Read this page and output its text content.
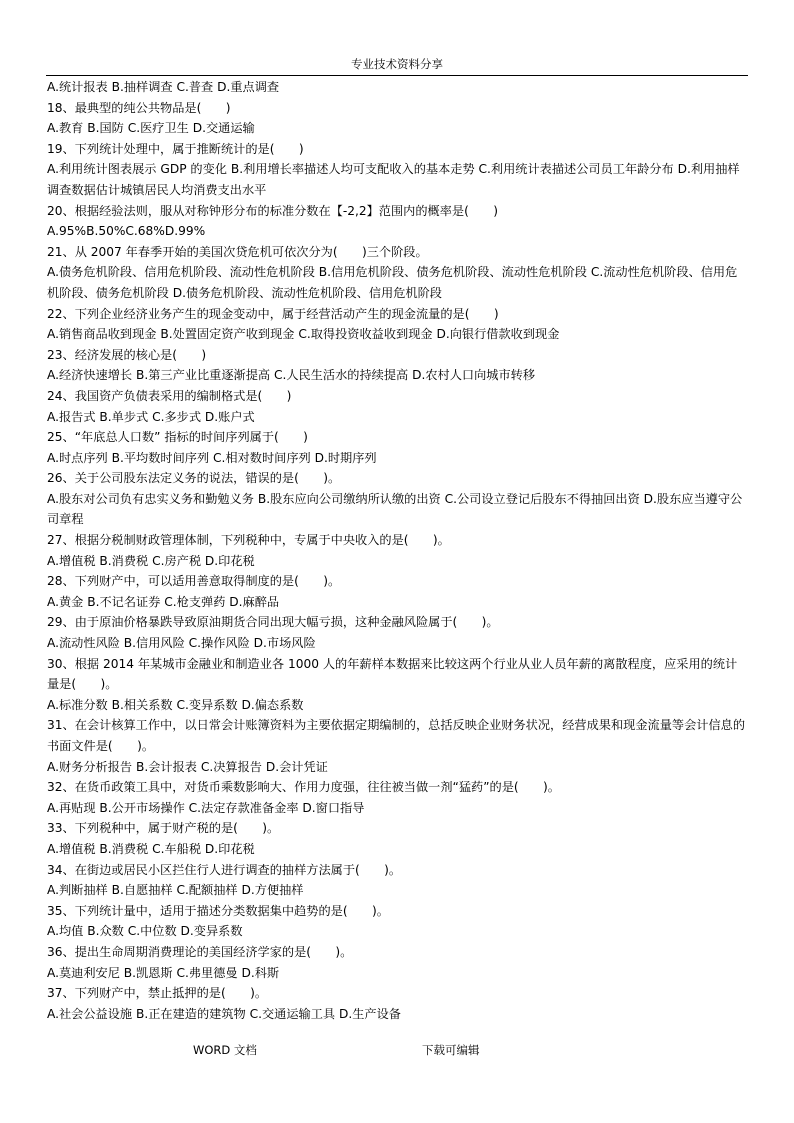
专业技术资料分享

A.统计报表 B.抽样调查 C.普查 D.重点调查

18、最典型的纯公共物品是(　　)

A.教育 B.国防 C.医疗卫生 D.交通运输

19、下列统计处理中，属于推断统计的是(　　)

A.利用统计图表展示 GDP 的变化 B.利用增长率描述人均可支配收入的基本走势 C.利用统计表描述公司员工年龄分布 D.利用抽样调查数据估计城镇居民人均消费支出水平

20、根据经验法则，服从对称钟形分布的标准分数在【-2,2】范围内的概率是(　　)

A.95%B.50%C.68%D.99%

21、从 2007 年春季开始的美国次贷危机可依次分为(　　)三个阶段。

A.债务危机阶段、信用危机阶段、流动性危机阶段 B.信用危机阶段、债务危机阶段、流动性危机阶段 C.流动性危机阶段、信用危机阶段、债务危机阶段 D.债务危机阶段、流动性危机阶段、信用危机阶段

22、下列企业经济业务产生的现金变动中，属于经营活动产生的现金流量的是(　　)

A.销售商品收到现金 B.处置固定资产收到现金 C.取得投资收益收到现金 D.向银行借款收到现金

23、经济发展的核心是(　　)

A.经济快速增长 B.第三产业比重逐渐提高 C.人民生活水的持续提高 D.农村人口向城市转移

24、我国资产负债表采用的编制格式是(　　)

A.报告式 B.单步式 C.多步式 D.账户式

25、“年底总人口数” 指标的时间序列属于(　　)

A.时点序列 B.平均数时间序列 C.相对数时间序列 D.时期序列

26、关于公司股东法定义务的说法，错误的是(　　)。

A.股东对公司负有忠实义务和勤勉义务 B.股东应向公司缴纳所认缴的出资 C.公司设立登记后股东不得抽回出资 D.股东应当遵守公司章程

27、根据分税制财政管理体制，下列税种中，专属于中央收入的是(　　)。

A.增值税 B.消费税 C.房产税 D.印花税

28、下列财产中，可以适用善意取得制度的是(　　)。

A.黄金 B.不记名证券 C.枪支弹药 D.麻醉品

29、由于原油价格暴跌导致原油期货合同出现大幅亏损，这种金融风险属于(　　)。

A.流动性风险 B.信用风险 C.操作风险 D.市场风险

30、根据 2014 年某城市金融业和制造业各 1000 人的年薪样本数据来比较这两个行业从业人员年薪的离散程度，应采用的统计量是(　　)。

A.标准分数 B.相关系数 C.变异系数 D.偏态系数

31、在会计核算工作中，以日常会计账簿资料为主要依据定期编制的，总括反映企业财务状况，经营成果和现金流量等会计信息的书面文件是(　　)。

A.财务分析报告 B.会计报表 C.决算报告 D.会计凭证

32、在货币政策工具中，对货币乘数影响大、作用力度强，往往被当做一剂“猛药”的是(　　)。

A.再贴现 B.公开市场操作 C.法定存款准备金率 D.窗口指导

33、下列税种中，属于财产税的是(　　)。

A.增值税 B.消费税 C.车船税 D.印花税

34、在街边或居民小区拦住行人进行调查的抽样方法属于(　　)。

A.判断抽样 B.自愿抽样 C.配额抽样 D.方便抽样

35、下列统计量中，适用于描述分类数据集中趋势的是(　　)。

A.均值 B.众数 C.中位数 D.变异系数

36、提出生命周期消费理论的美国经济学家的是(　　)。

A.莫迪利安尼 B.凯恩斯 C.弗里德曼 D.科斯

37、下列财产中，禁止抵押的是(　　)。

A.社会公益设施 B.正在建造的建筑物 C.交通运输工具 D.生产设备

WORD 文档	下载可编辑
